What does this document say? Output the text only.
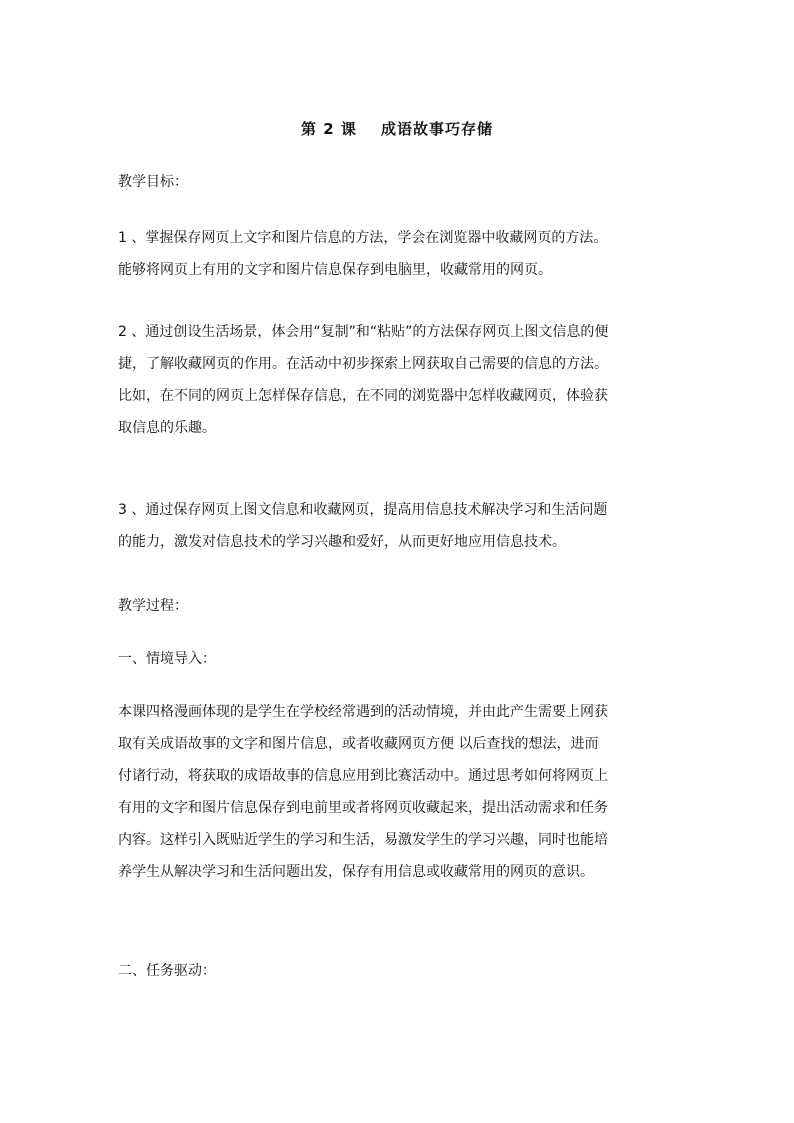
第 2 课 成语故事巧存储
教学目标：
1 、掌握保存网页上文字和图片信息的方法，学会在浏览器中收藏网页的方法。
能够将网页上有用的文字和图片信息保存到电脑里，收藏常用的网页。
2 、通过创设生活场景，体会用“复制”和“粘贴”的方法保存网页上图文信息的便
捷，了解收藏网页的作用。在活动中初步探索上网获取自己需要的信息的方法。
比如，在不同的网页上怎样保存信息，在不同的浏览器中怎样收藏网页，体验获
取信息的乐趣。
3 、通过保存网页上图文信息和收藏网页，提高用信息技术解决学习和生活问题
的能力，激发对信息技术的学习兴趣和爱好，从而更好地应用信息技术。
教学过程：
一、情境导入：
本课四格漫画体现的是学生在学校经常遇到的活动情境，并由此产生需要上网获
取有关成语故事的文字和图片信息，或者收藏网页方便 以后查找的想法，进而
付诸行动，将获取的成语故事的信息应用到比赛活动中。通过思考如何将网页上
有用的文字和图片信息保存到电前里或者将网页收藏起来，提出活动需求和任务
内容。这样引入既贴近学生的学习和生活，易激发学生的学习兴趣，同时也能培
养学生从解决学习和生活问题出发，保存有用信息或收藏常用的网页的意识。
二、任务驱动：
